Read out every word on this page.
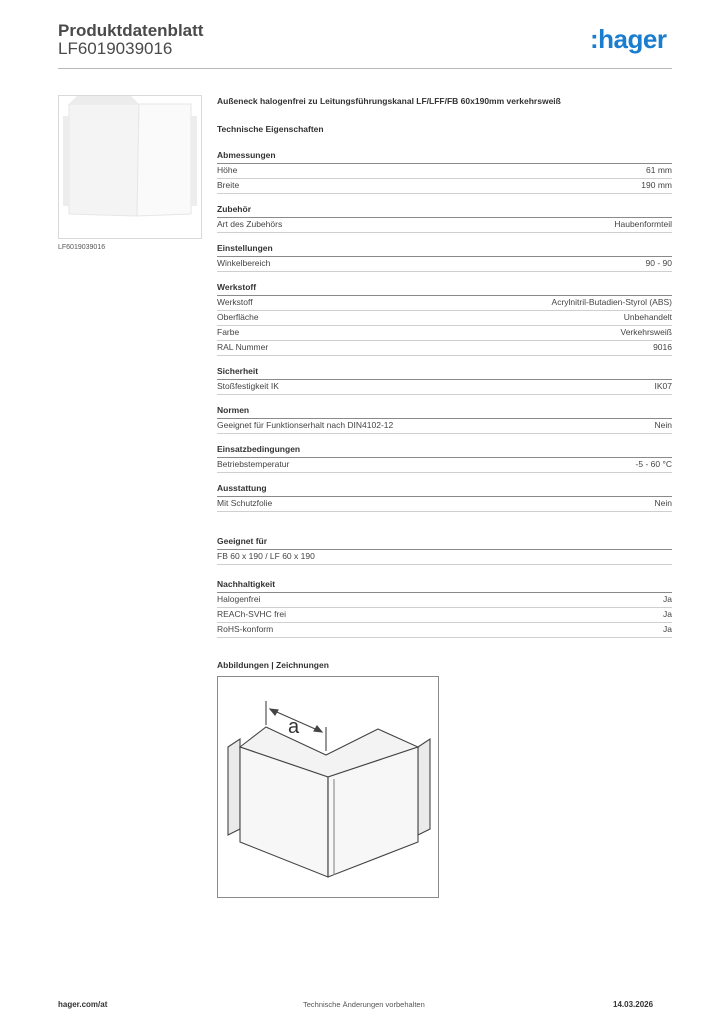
Produktdatenblatt
LF6019039016	:hager
LF6019039016
Außeneck halogenfrei zu Leitungsführungskanal LF/LFF/FB 60x190mm verkehrsweiß
Technische Eigenschaften
Abmessungen
Höhe	61 mm
Breite	190 mm
Zubehör
Art des Zubehörs	Haubenformteil
Einstellungen
Winkelbereich	90 - 90
Werkstoff
Werkstoff	Acrylnitril-Butadien-Styrol (ABS)
Oberfläche	Unbehandelt
Farbe	Verkehrsweiß
RAL Nummer	9016
Sicherheit
Stoßfestigkeit IK	IK07
Normen
Geeignet für Funktionserhalt nach DIN4102-12	Nein
Einsatzbedingungen
Betriebstemperatur	-5 - 60 °C
Ausstattung
Mit Schutzfolie	Nein
Geeignet für
FB 60 x 190 / LF 60 x 190
Nachhaltigkeit
Halogenfrei	Ja
REACh-SVHC frei	Ja
RoHS-konform	Ja
Abbildungen | Zeichnungen
a
hager.com/at	Technische Änderungen vorbehalten	14.03.2026
